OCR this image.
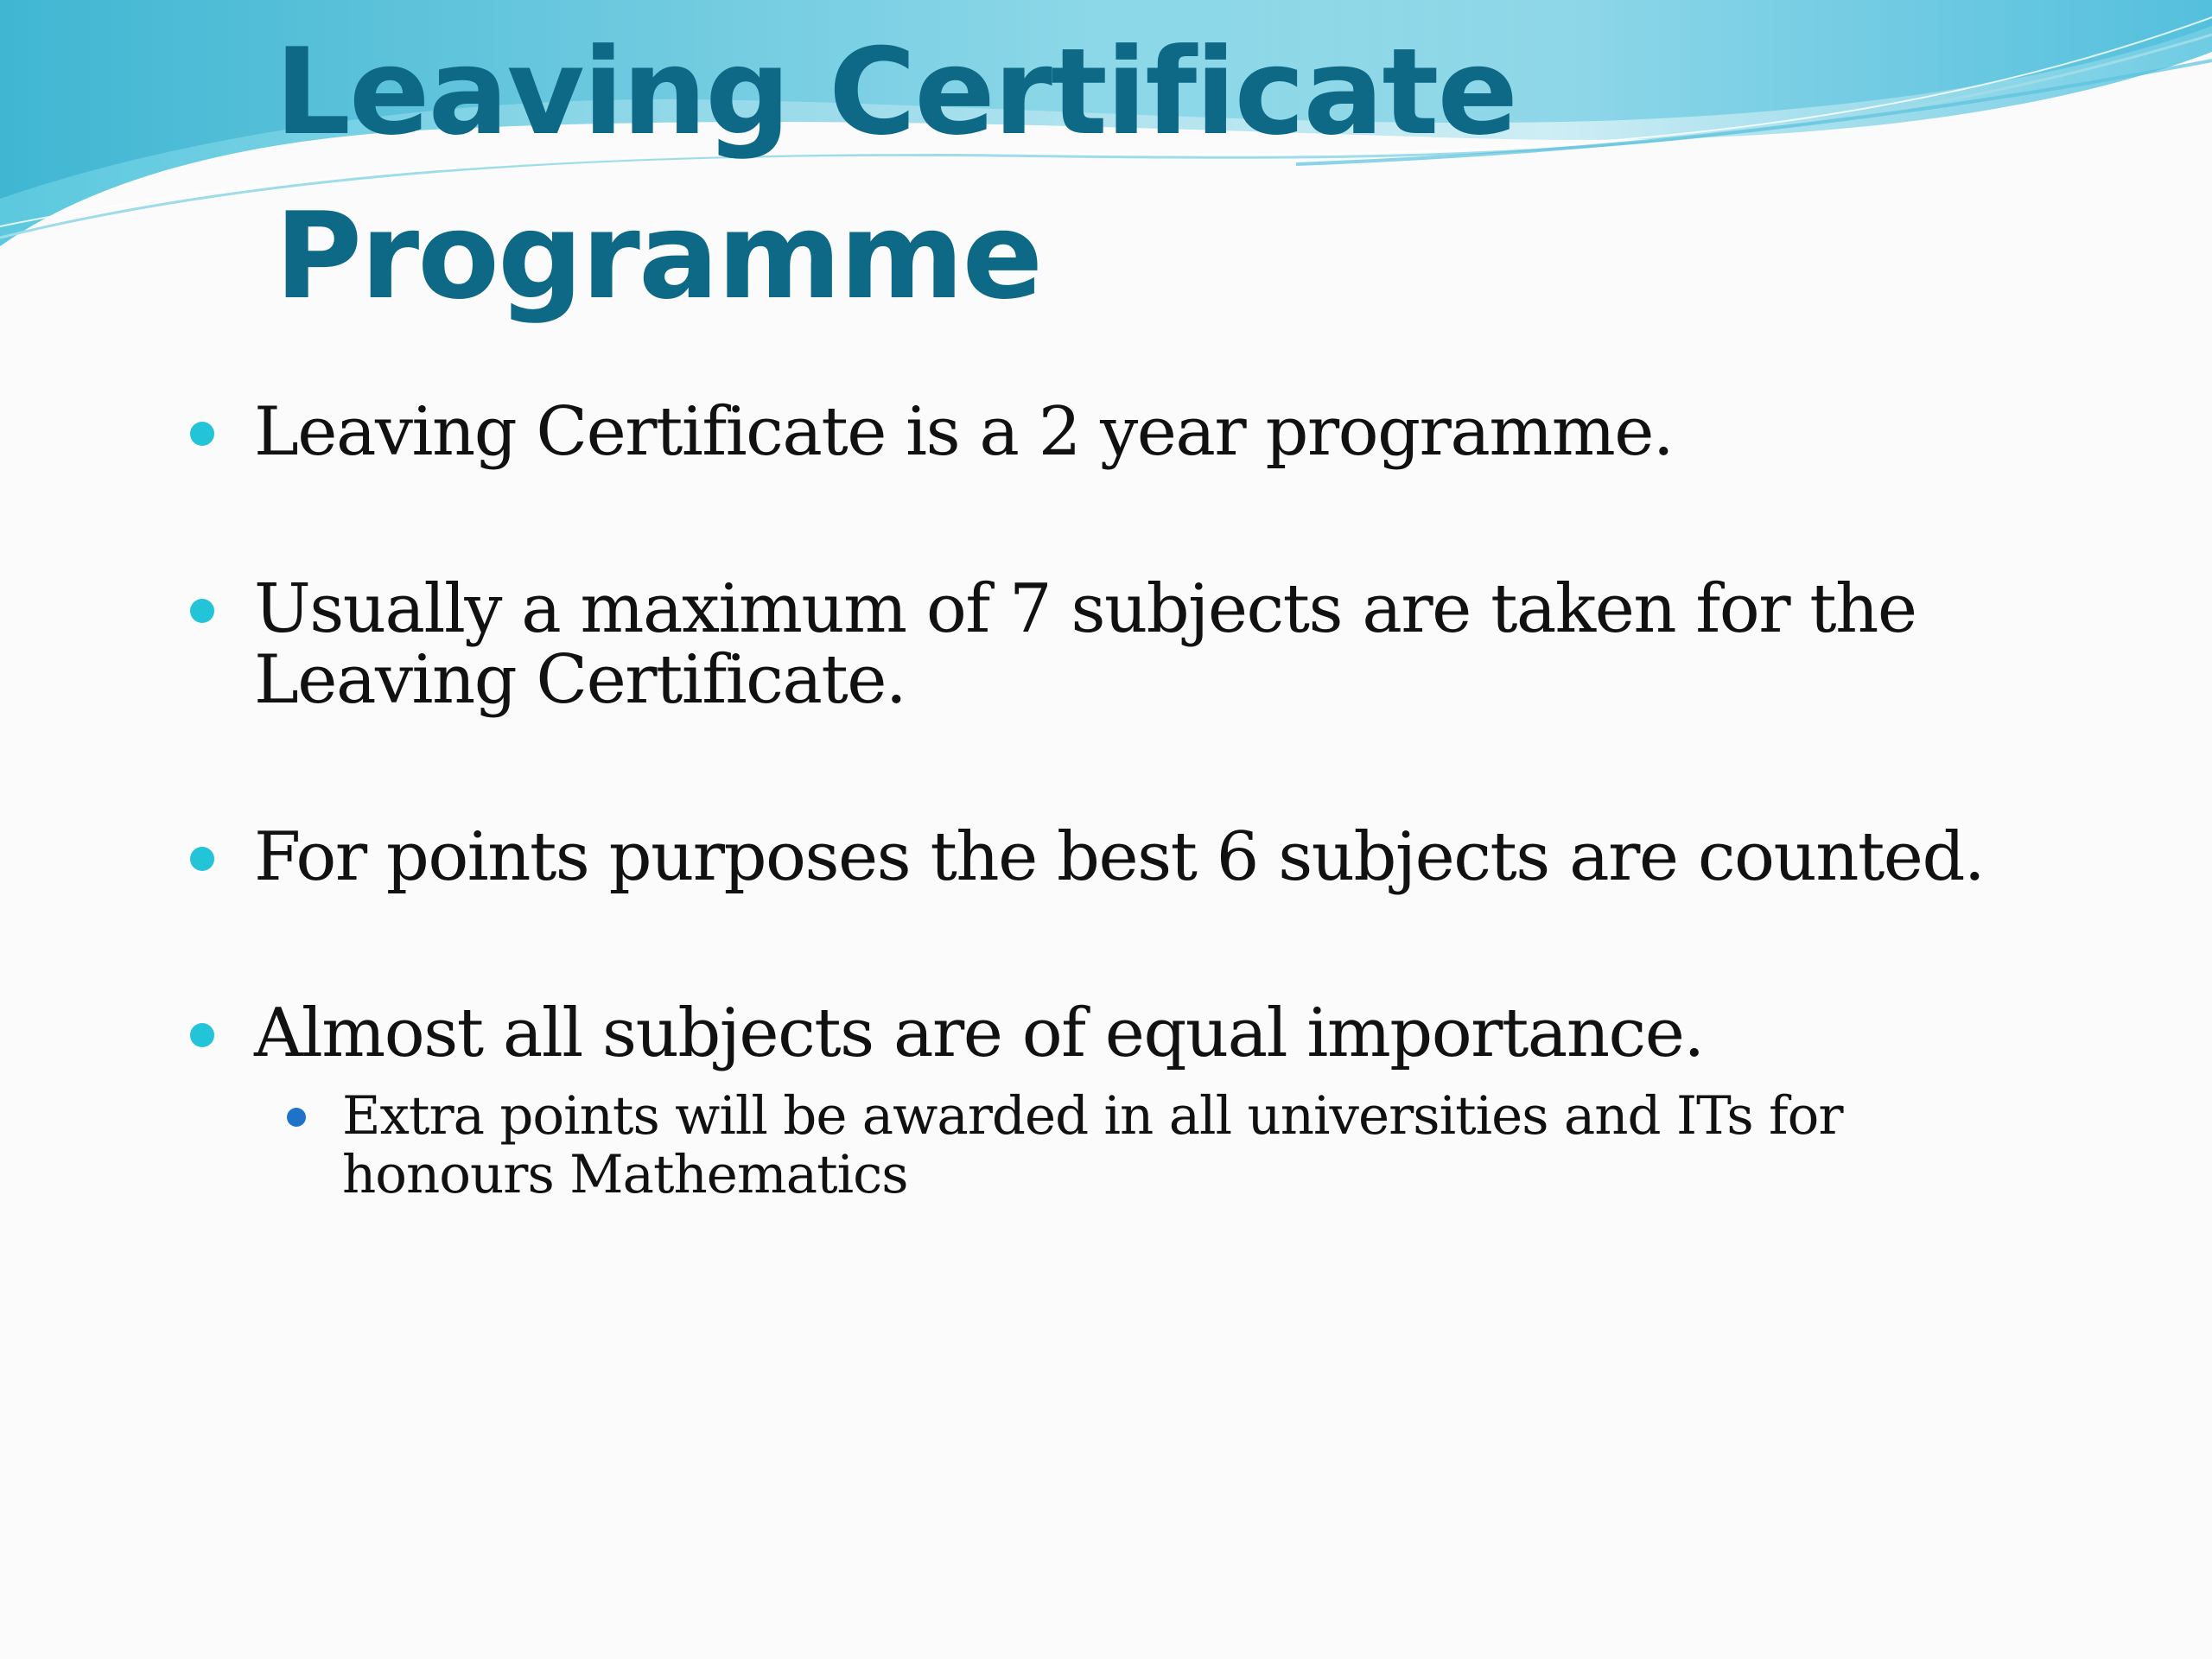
Leaving Certificate
Programme
Leaving Certificate is a 2 year programme.
Usually a maximum of 7 subjects are taken for the Leaving Certificate.
For points purposes the best 6 subjects are counted.
Almost all subjects are of equal importance.
Extra points will be awarded in all universities and ITs for honours Mathematics
